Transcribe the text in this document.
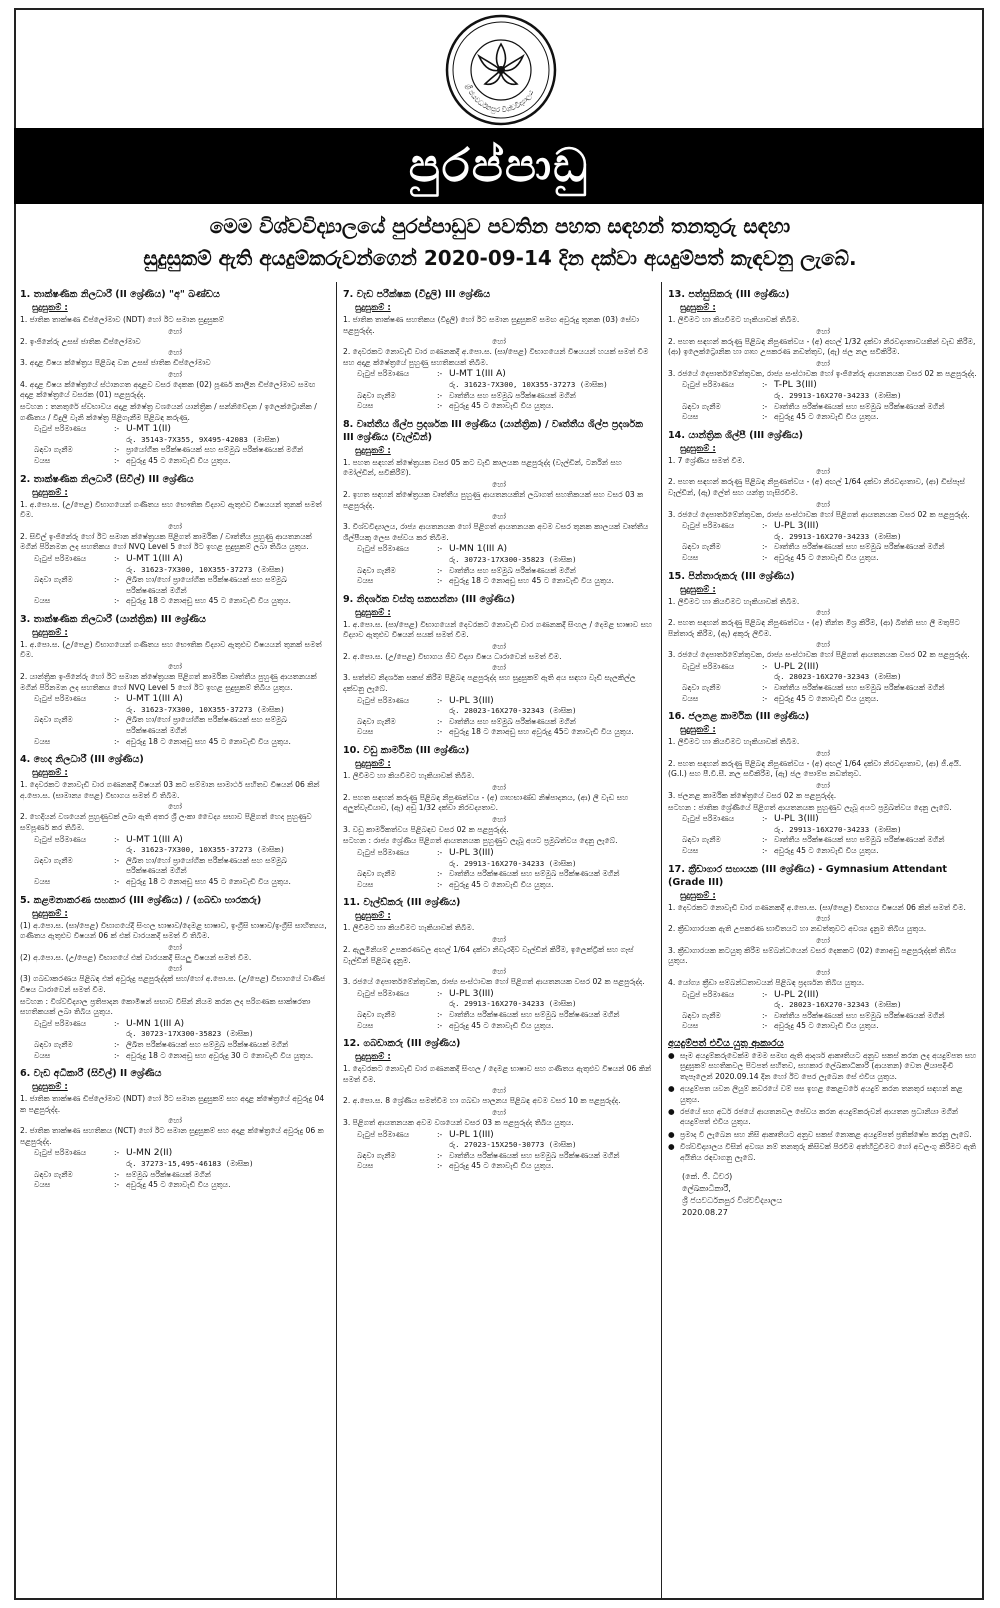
ශ්‍රී ජයවර්ධනපුර විශ්වවිද්‍යාලය
පුරප්පාඩු
මෙම විශ්වවිද්‍යාලයේ පුරප්පාඩුව පවතින පහත සඳහන් තනතුරු සඳහා
සුදුසුකම් ඇති අයදුම්කරුවන්ගෙන් 2020-09-14 දින දක්වා අයදුම්පත් කැඳවනු ලැබේ.
1. තාක්ෂණික නිලධාරී (II ශ්‍රේණිය) "අ" ඛණ්ඩය
සුදුසුකම් :
1. ජාතික තාක්ෂණ ඩිප්ලෝමාව (NDT) හෝ ඊට සමාන සුදුසුකම්
හෝ
2. ඉංජිනේරු උසස් ජාතික ඩිප්ලෝමාව
හෝ
3. අදාළ විෂය ක්ෂේත්‍රය පිළිබඳ වන උසස් ජාතික ඩිප්ලෝමාව
හෝ
4. අදාළ විෂය ක්ෂේත්‍රයේ ස්ථානගත අදාළව වසර දෙකක (02) පූර්ණ කාලීන ඩිප්ලෝමාව සමඟ අදාළ ක්ෂේත්‍රයේ වසරක (01) පළපුරුද්ද.
සටහන : තනතුරේ ස්වභාවය අදාළ ක්ෂේත්‍ර වශයෙන් යාන්ත්‍රික / සන්නිවේදන / ඉලෙක්ට්‍රොනික / ගණිතය / විදුලි වැනි ක්ෂේත්‍ර පිළිගැනීම පිළිබඳ කරුණු.
වැටුප් පරිමාණය	:- U-MT 1(II)
රු. 35143-7X355, 9X495-42083 (මාසික)
බඳවා ගැනීම	:- ප්‍රායෝගික පරීක්ෂණයක් සහ සම්මුඛ පරීක්ෂණයක් මගින්
වයස	:- අවුරුදු 45 ට නොවැඩි විය යුතුය.
2. තාක්ෂණික නිලධාරී (සිවිල්) III ශ්‍රේණිය
සුදුසුකම් :
1. අ.පො.ස. (උ/පෙළ) විභාගයෙන් ගණිතය සහ භෞතික විද්‍යාව ඇතුළුව විෂයයන් තුනක් සමත් වීම.
හෝ
2. සිවිල් ඉංජිනේරු හෝ ඊට සමාන ක්ෂේත්‍රයක පිළිගත් කාර්මික / වෘත්තීය පුහුණු ආයතනයක් මගින් පිරිනමන ලද සහතිකය හෝ NVQ Level 5 හෝ ඊට ඉහළ සුදුසුකම් ලබා තිබිය යුතුය.
වැටුප් පරිමාණය	:- U-MT 1(III A)
රු. 31623-7X300, 10X355-37273 (මාසික)
බඳවා ගැනීම	:- ලිඛිත හා/හෝ ප්‍රායෝගික පරීක්ෂණයක් සහ සම්මුඛ පරීක්ෂණයක් මගින්
වයස	:- අවුරුදු 18 ට නොඅඩු සහ 45 ට නොවැඩි විය යුතුය.
3. තාක්ෂණික නිලධාරී (යාන්ත්‍රික) III ශ්‍රේණිය
සුදුසුකම් :
1. අ.පො.ස. (උ/පෙළ) විභාගයෙන් ගණිතය සහ භෞතික විද්‍යාව ඇතුළුව විෂයයන් තුනක් සමත් වීම.
හෝ
2. යාන්ත්‍රික ඉංජිනේරු හෝ ඊට සමාන ක්ෂේත්‍රයක පිළිගත් කාර්මික වෘත්තීය පුහුණු ආයතනයක් මගින් පිරිනමන ලද සහතිකය හෝ NVQ Level 5 හෝ ඊට ඉහළ සුදුසුකම් තිබිය යුතුය.
වැටුප් පරිමාණය	:- U-MT 1(III A)
රු. 31623-7X300, 10X355-37273 (මාසික)
බඳවා ගැනීම	:- ලිඛිත හා/හෝ ප්‍රායෝගික පරීක්ෂණයක් සහ සම්මුඛ පරීක්ෂණයක් මගින්
වයස	:- අවුරුදු 18 ට නොඅඩු සහ 45 ට නොවැඩි විය යුතුය.
4. හෙද නිලධාරී (III ශ්‍රේණිය)
සුදුසුකම් :
1. දෙවරකට නොවැඩි වාර ගණනකදී විෂයන් 03 කට සම්මාන සාමාර්ථ සහිතව විෂයන් 06 කින් අ.පො.ස. (සාමාන්‍ය පෙළ) විභාගය සමත් වී තිබීම.
හෝ
2. හෙදියන් වශයෙන් පුහුණුවක් ලබා ඇති අතර ශ්‍රී ලංකා වෛද්‍ය සභාව පිළිගත් හෙද පුහුණුව සම්පූර්ණ කර තිබීම.
වැටුප් පරිමාණය	:- U-MT 1(III A)
රු. 31623-7X300, 10X355-37273 (මාසික)
බඳවා ගැනීම	:- ලිඛිත හා/හෝ ප්‍රායෝගික පරීක්ෂණයක් සහ සම්මුඛ පරීක්ෂණයක් මගින්
වයස	:- අවුරුදු 18 ට නොඅඩු සහ 45 ට නොවැඩි විය යුතුය.
5. කළමනාකරණ සහකාර (III ශ්‍රේණිය) / (ගබඩා භාරකරු)
සුදුසුකම් :
(1) අ.පො.ස. (සා/පෙළ) විභාගයේදී සිංහල භාෂාව/දෙමළ භාෂාව, ඉංග්‍රීසි භාෂාව/ඉංග්‍රීසි සාහිත්‍යය, ගණිතය ඇතුළුව විෂයන් 06 ක් එක් වාරයකදී සමත් වී තිබීම.
හෝ
(2) අ.පො.ස. (උ/පෙළ) විභාගයේ එක් වාරයකදී සියලු විෂයන් සමත් වීම.
හෝ
(3) ගබඩාකරණය පිළිබඳ එක් අවුරුදු පළපුරුද්දක් සහ/හෝ අ.පො.ස. (උ/පෙළ) විභාගයේ වාණිජ විෂය ධාරාවෙන් සමත් වීම.
සටහන : විශ්වවිද්‍යාල ප්‍රතිපාදන කොමිෂන් සභාව විසින් නියම කරන ලද පරිගණක සාක්ෂරතා සහතිකයක් ලබා තිබිය යුතුය.
වැටුප් පරිමාණය	:- U-MN 1(III A)
රු. 30723-17X300-35823 (මාසික)
බඳවා ගැනීම	:- ලිඛිත පරීක්ෂණයක් සහ සම්මුඛ පරීක්ෂණයක් මගින්
වයස	:- අවුරුදු 18 ට නොඅඩු සහ අවුරුදු 30 ට නොවැඩි විය යුතුය.
6. වැඩ අධිකාරී (සිවිල්) II ශ්‍රේණිය
සුදුසුකම් :
1. ජාතික තාක්ෂණ ඩිප්ලෝමාව (NDT) හෝ ඊට සමාන සුදුසුකම් සහ අදාළ ක්ෂේත්‍රයේ අවුරුදු 04 ක පළපුරුද්ද.
හෝ
2. ජාතික තාක්ෂණ සහතිකය (NCT) හෝ ඊට සමාන සුදුසුකම් සහ අදාළ ක්ෂේත්‍රයේ අවුරුදු 06 ක පළපුරුද්ද.
වැටුප් පරිමාණය	:- U-MN 2(II)
රු. 37273-15,495-46183 (මාසික)
බඳවා ගැනීම	:- සම්මුඛ පරීක්ෂණයක් මගින්
වයස	:- අවුරුදු 45 ට නොවැඩි විය යුතුය.
7. වැඩ පරීක්ෂක (විදුලි) III ශ්‍රේණිය
සුදුසුකම් :
1. ජාතික තාක්ෂණ සහතිකය (විදුලි) හෝ ඊට සමාන සුදුසුකම් සමඟ අවුරුදු තුනක (03) සේවා පළපුරුද්ද.
හෝ
2. දෙවරකට නොවැඩි වාර ගණනකදී අ.පො.ස. (සා/පෙළ) විභාගයෙන් විෂයයන් හයක් සමත් වීම සහ අදාළ ක්ෂේත්‍රයේ පුහුණු සහතිකයක් තිබීම.
වැටුප් පරිමාණය	:- U-MT 1(III A)
රු. 31623-7X300, 10X355-37273 (මාසික)
බඳවා ගැනීම	:- වෘත්තීය සහ සම්මුඛ පරීක්ෂණයක් මගින්
වයස	:- අවුරුදු 45 ට නොවැඩි විය යුතුය.
8. වෘත්තීය ශිල්ප ප්‍රදර්ශක III ශ්‍රේණිය (යාන්ත්‍රික) / වෘත්තීය ශිල්ප ප්‍රදර්ශක III ශ්‍රේණිය (වැල්ඩින්)
සුදුසුකම් :
1. පහත සඳහන් ක්ෂේත්‍රයක වසර 05 කට වැඩි කාලයක පළපුරුද්ද (වෑල්ඩින්, ටර්නින් සහ මෝල්ඩින්, සවිකිරීම්).
හෝ
2. ඉහත සඳහන් ක්ෂේත්‍රයක වෘත්තීය පුහුණු ආයතනයකින් ලබාගත් සහතිකයක් සහ වසර 03 ක පළපුරුද්ද.
හෝ
3. විශ්වවිද්‍යාලය, රාජ්‍ය ආයතනයක හෝ පිළිගත් ආයතනයක අවම වසර තුනක කාලයක් වෘත්තීය ශිල්පීයකු ලෙස සේවය කර තිබීම.
වැටුප් පරිමාණය	:- U-MN 1(III A)
රු. 30723-17X300-35823 (මාසික)
බඳවා ගැනීම	:- වෘත්තීය සහ සම්මුඛ පරීක්ෂණයක් මගින්
වයස	:- අවුරුදු 18 ට නොඅඩු සහ 45 ට නොවැඩි විය යුතුය.
9. නිදර්ශක වස්තු සකසන්නා (III ශ්‍රේණිය)
සුදුසුකම් :
1. අ.පො.ස. (සා/පෙළ) විභාගයෙන් දෙවරකට නොවැඩි වාර ගණනකදී සිංහල / දෙමළ භාෂාව සහ විද්‍යාව ඇතුළුව විෂයන් සයක් සමත් වීම.
හෝ
2. අ.පො.ස. (උ/පෙළ) විභාගය ජීව විද්‍යා විෂය ධාරාවෙන් සමත් වීම.
හෝ
3. සත්ත්ව නිදර්ශක සකස් කිරීම පිළිබඳ පළපුරුද්ද සහ සුදුසුකම් ඇති අය සඳහා වැඩි සැලකිල්ල දක්වනු ලැබේ.
වැටුප් පරිමාණය	:- U-PL 3(III)
රු. 28023-16X270-32343 (මාසික)
බඳවා ගැනීම	:- වෘත්තීය සහ සම්මුඛ පරීක්ෂණයක් මගින්
වයස	:- අවුරුදු 18 ට නොඅඩු සහ අවුරුදු 45ට නොවැඩි විය යුතුය.
10. වඩු කාර්මික (III ශ්‍රේණිය)
සුදුසුකම් :
1. ලිවීමට හා කියවීමට හැකියාවක් තිබීම.
හෝ
2. පහත සඳහන් කරුණු පිළිබඳ නිපුණත්වය - (අ) ගෘහභාණ්ඩ නිෂ්පාදනය, (ආ) ලී වැඩ සහ අලුත්වැඩියාව, (ඇ) අඩු 1/32 දක්වා නිරවද්‍යතාව.
හෝ
3. වඩු කාර්මිකත්වය පිළිබඳව වසර 02 ක පළපුරුද්ද.
සටහන : රාජ්‍ය ශ්‍රේණිය පිළිගත් ආයතනයක පුහුණුව ලැබූ අයට ප්‍රමුඛත්වය දෙනු ලැබේ.
වැටුප් පරිමාණය	:- U-PL 3(III)
රු. 29913-16X270-34233 (මාසික)
බඳවා ගැනීම	:- වෘත්තීය පරීක්ෂණයක් සහ සම්මුඛ පරීක්ෂණයක් මගින්
වයස	:- අවුරුදු 45 ට නොවැඩි විය යුතුය.
11. වෑල්ඩ්කරු (III ශ්‍රේණිය)
සුදුසුකම් :
1. ලිවීමට හා කියවීමට හැකියාවක් තිබීම.
හෝ
2. ඇලුමිනියම් උපකරණවල අඟල් 1/64 දක්වා නිවැරදිව වෑල්ඩින් කිරීම, ඉලෙක්ට්‍රික් සහ ගෑස් වෑල්ඩින් පිළිබඳ දැනුම.
හෝ
3. රජයේ දෙපාර්තමේන්තුවක, රාජ්‍ය සංස්ථාවක හෝ පිළිගත් ආයතනයක වසර 02 ක පළපුරුද්ද.
වැටුප් පරිමාණය	:- U-PL 3(III)
රු. 29913-16X270-34233 (මාසික)
බඳවා ගැනීම	:- වෘත්තීය පරීක්ෂණයක් සහ සම්මුඛ පරීක්ෂණයක් මගින්
වයස	:- අවුරුදු 45 ට නොවැඩි විය යුතුය.
12. ගබඩාකරු (III ශ්‍රේණිය)
සුදුසුකම් :
1. දෙවරකට නොවැඩි වාර ගණනකදී සිංහල / දෙමළ භාෂාව සහ ගණිතය ඇතුළුව විෂයන් 06 කින් සමත් වීම.
හෝ
2. අ.පො.ස. 8 ශ්‍රේණිය සමත්වීම හා ගබඩා පාලනය පිළිබඳ අවම වසර 10 ක පළපුරුද්ද.
හෝ
3. පිළිගත් ආයතනයක අවම වශයෙන් වසර 03 ක පළපුරුද්ද තිබිය යුතුය.
වැටුප් පරිමාණය	:- U-PL 1(III)
රු. 27023-15X250-30773 (මාසික)
බඳවා ගැනීම	:- වෘත්තීය පරීක්ෂණයක් සහ සම්මුඛ පරීක්ෂණයක් මගින්
වයස	:- අවුරුදු 45 ට නොවැඩි විය යුතුය.
13. පත්සුසිකරු (III ශ්‍රේණිය)
සුදුසුකම් :
1. ලිවීමට හා කියවීමට හැකියාවක් තිබීම.
හෝ
2. පහත සඳහන් කරුණු පිළිබඳ නිපුණත්වය - (අ) අඟල් 1/32 දක්වා නිරවද්‍යතාවයකින් වැඩ කිරීම, (ආ) ඉලෙක්ට්‍රොනික හා ගෘහ උපකරණ නඩත්තුව, (ඇ) ජල නල සවිකිරීම.
හෝ
3. රජයේ දෙපාර්තමේන්තුවක, රාජ්‍ය සංස්ථාවක හෝ ඉංජිනේරු ආයතනයක වසර 02 ක පළපුරුද්ද.
වැටුප් පරිමාණය	:- T-PL 3(III)
රු. 29913-16X270-34233 (මාසික)
බඳවා ගැනීම	:- වෘත්තීය පරීක්ෂණයක් සහ සම්මුඛ පරීක්ෂණයක් මගින්
වයස	:- අවුරුදු 45 ට නොවැඩි විය යුතුය.
14. යාන්ත්‍රික ශිල්පී (III ශ්‍රේණිය)
සුදුසුකම් :
1. 7 ශ්‍රේණිය සමත් වීම.
හෝ
2. පහත සඳහන් කරුණු පිළිබඳ නිපුණත්වය - (අ) අඟල් 1/64 දක්වා නිරවද්‍යතාව, (ආ) ඩිස්පෑස් වෑල්ඩින්, (ඇ) ලේත් සහ යන්ත්‍ර හැසිරවීම.
හෝ
3. රජයේ දෙපාර්තමේන්තුවක, රාජ්‍ය සංස්ථාවක හෝ පිළිගත් ආයතනයක වසර 02 ක පළපුරුද්ද.
වැටුප් පරිමාණය	:- U-PL 3(III)
රු. 29913-16X270-34233 (මාසික)
බඳවා ගැනීම	:- වෘත්තීය පරීක්ෂණයක් සහ සම්මුඛ පරීක්ෂණයක් මගින්
වයස	:- අවුරුදු 45 ට නොවැඩි විය යුතුය.
15. පින්තාරුකරු (III ශ්‍රේණිය)
සුදුසුකම් :
1. ලිවීමට හා කියවීමට හැකියාවක් තිබීම.
හෝ
2. පහත සඳහන් කරුණු පිළිබඳ නිපුණත්වය - (අ) තීන්ත මිශ්‍ර කිරීම, (ආ) බිත්ති සහ ලී මතුපිට පින්තාරු කිරීම, (ඇ) අකුරු ලිවීම.
හෝ
3. රජයේ දෙපාර්තමේන්තුවක, රාජ්‍ය සංස්ථාවක හෝ පිළිගත් ආයතනයක වසර 02 ක පළපුරුද්ද.
වැටුප් පරිමාණය	:- U-PL 2(III)
රු. 28023-16X270-32343 (මාසික)
බඳවා ගැනීම	:- වෘත්තීය පරීක්ෂණයක් සහ සම්මුඛ පරීක්ෂණයක් මගින්
වයස	:- අවුරුදු 45 ට නොවැඩි විය යුතුය.
16. ජලනළ කාර්මික (III ශ්‍රේණිය)
සුදුසුකම් :
1. ලිවීමට හා කියවීමට හැකියාවක් තිබීම.
හෝ
2. පහත සඳහන් කරුණු පිළිබඳ නිපුණත්වය - (අ) අඟල් 1/64 දක්වා නිරවද්‍යතාව, (ආ) ජී.අයි. (G.I.) සහ පී.වී.සී. නල සවිකිරීම, (ඇ) ජල පොම්ප නඩත්තුව.
හෝ
3. ජලනළ කාර්මික ක්ෂේත්‍රයේ වසර 02 ක පළපුරුද්ද.
සටහන : ජාතික ශ්‍රේණියේ පිළිගත් ආයතනයක පුහුණුව ලැබූ අයට ප්‍රමුඛත්වය දෙනු ලැබේ.
වැටුප් පරිමාණය	:- U-PL 3(III)
රු. 29913-16X270-34233 (මාසික)
බඳවා ගැනීම	:- වෘත්තීය පරීක්ෂණයක් සහ සම්මුඛ පරීක්ෂණයක් මගින්
වයස	:- අවුරුදු 45 ට නොවැඩි විය යුතුය.
17. ක්‍රීඩාගාර සහායක (III ශ්‍රේණිය) - Gymnasium Attendant (Grade III)
සුදුසුකම් :
1. දෙවරකට නොවැඩි වාර ගණනකදී අ.පො.ස. (සා/පෙළ) විභාගය විෂයන් 06 කින් සමත් වීම.
හෝ
2. ක්‍රීඩාගාරයක ඇති උපකරණ භාවිතයට හා නඩත්තුවට අවශ්‍ය දැනුම තිබිය යුතුය.
හෝ
3. ක්‍රීඩාගාරයක කටයුතු කිරීම සම්බන්ධයෙන් වසර දෙකකට (02) නොඅඩු පළපුරුද්දක් තිබිය යුතුය.
හෝ
4. යෝග්‍ය ක්‍රීඩා සම්බන්ධතාවයන් පිළිබඳ ප්‍රදර්ශන තිබිය යුතුය.
වැටුප් පරිමාණය	:- U-PL 2(III)
රු. 28023-16X270-32343 (මාසික)
බඳවා ගැනීම	:- වෘත්තීය පරීක්ෂණයක් සහ සම්මුඛ පරීක්ෂණයක් මගින්
වයස	:- අවුරුදු 45 ට නොවැඩි විය යුතුය.
අයදුම්පත් එවිය යුතු ආකාරය
● සෑම අයදුම්කරුවෙක්ම මෙම සමඟ ඇති ආදර්ශ ආකෘතියට අනුව සකස් කරන ලද අයදුම්පත සහ සුදුසුකම් සහතිකවල පිටපත් සහිතව, සහකාර ලේඛකාධිකාරී (ආයතන) වෙත ලියාපදිංචි තැපෑලෙන් 2020.09.14 දින හෝ ඊට පෙර ලැබෙන සේ එවිය යුතුය.
● අයදුම්පත යවන ලියුම් කවරයේ වම් පස ඉහළ කෙළවරේ අයදුම් කරන තනතුර සඳහන් කළ යුතුය.
● රජයේ සහ අර්ධ රජයේ ආයතනවල සේවය කරන අයදුම්කරුවන් ආයතන ප්‍රධානියා මගින් අයදුම්පත් එවිය යුතුය.
● ප්‍රමාද වී ලැබෙන සහ නිසි ආකෘතියට අනුව සකස් නොකළ අයදුම්පත් ප්‍රතික්ෂේප කරනු ලැබේ.
● විශ්වවිද්‍යාලය විසින් අවශ්‍ය නම් තනතුරු කිසිවක් පිරවීම අත්හිටුවීමට හෝ අවලංගු කිරීමට ඇති අයිතිය රඳවාගනු ලැබේ.
(කේ. ජී. ධීවර)
ලේඛකාධිකාරී,
ශ්‍රී ජයවර්ධනපුර විශ්වවිද්‍යාලය
2020.08.27
